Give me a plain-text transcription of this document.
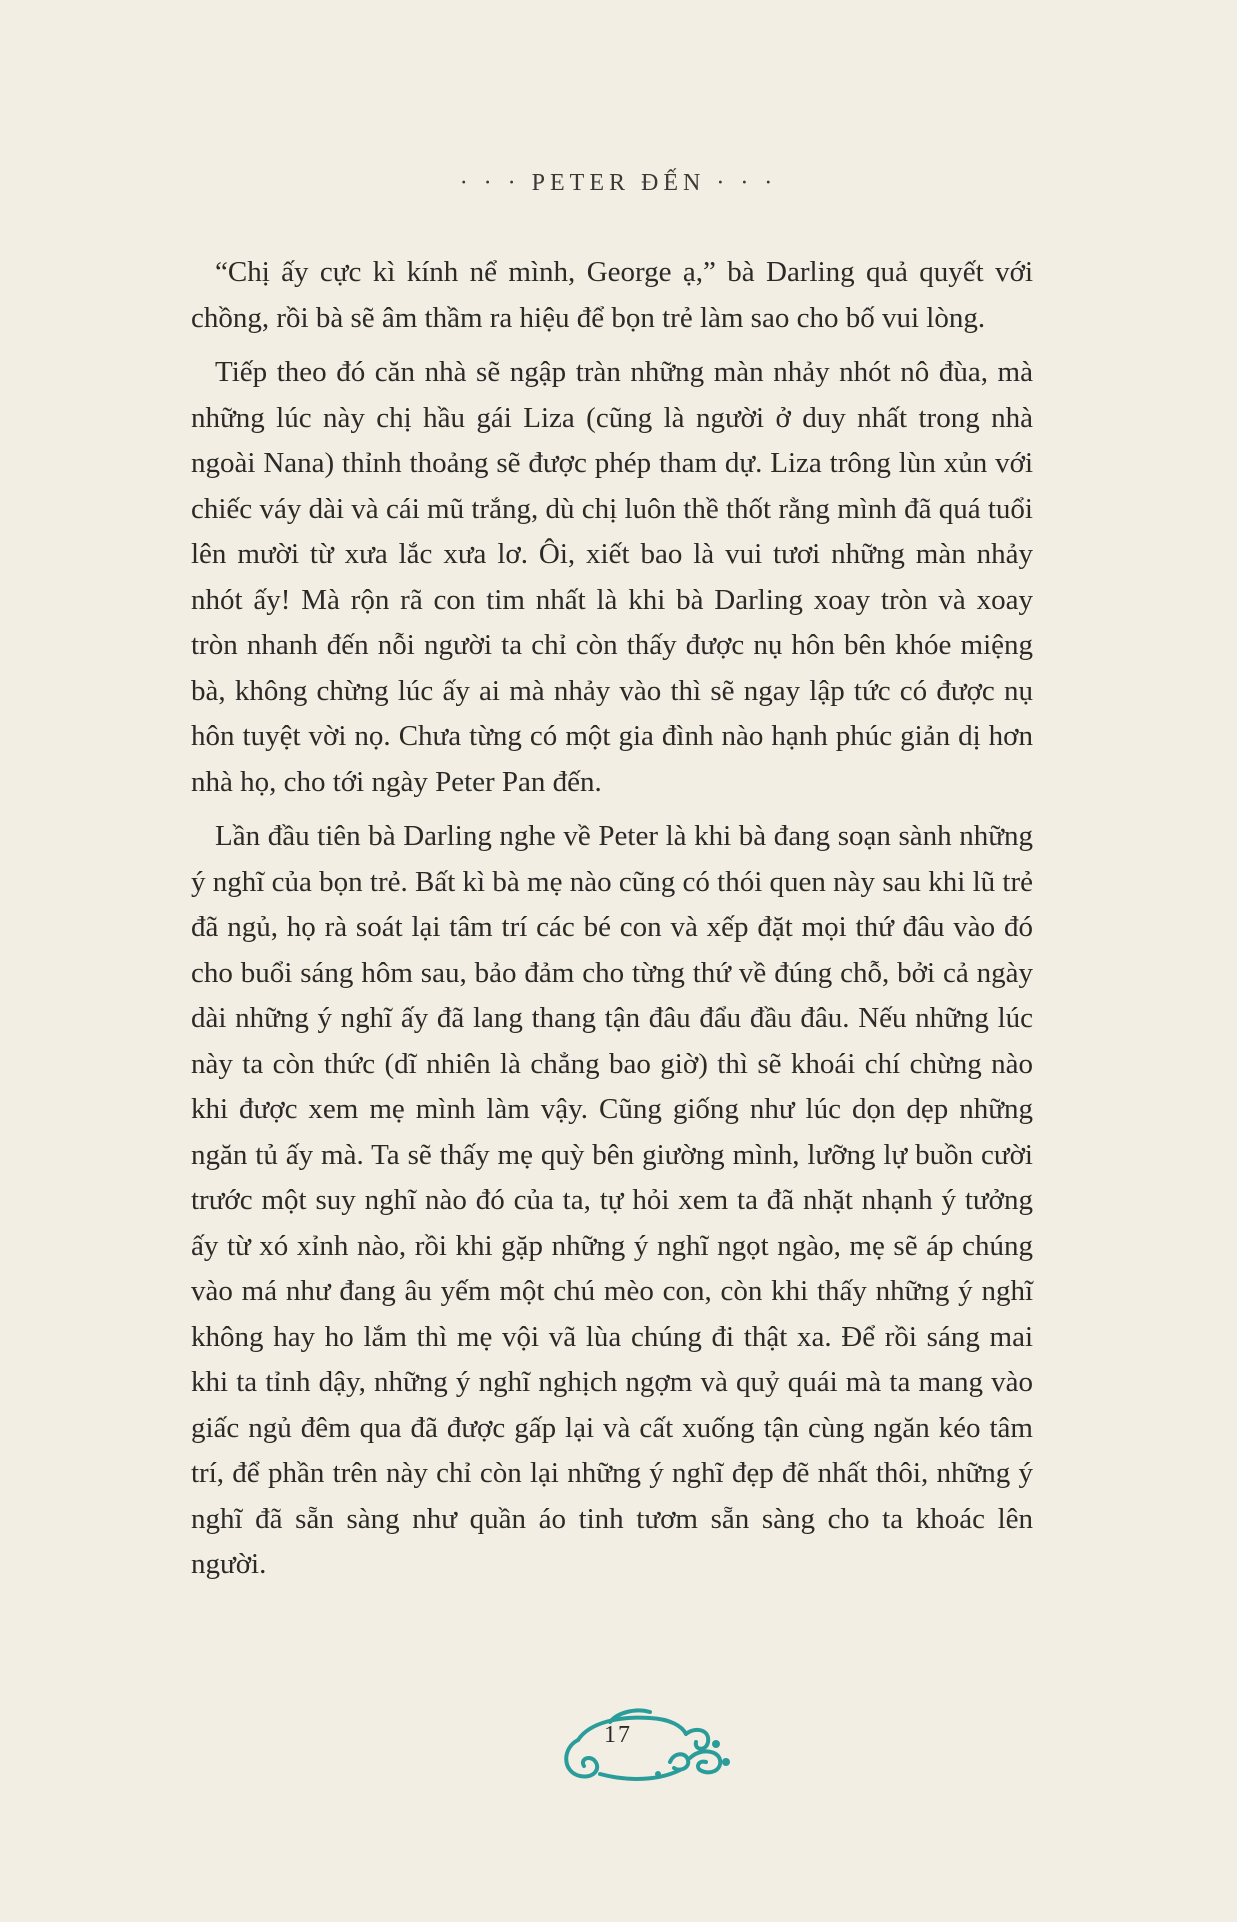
· · · PETER ĐẾN · · ·

“Chị ấy cực kì kính nể mình, George ạ,” bà Darling quả quyết với chồng, rồi bà sẽ âm thầm ra hiệu để bọn trẻ làm sao cho bố vui lòng.

Tiếp theo đó căn nhà sẽ ngập tràn những màn nhảy nhót nô đùa, mà những lúc này chị hầu gái Liza (cũng là người ở duy nhất trong nhà ngoài Nana) thỉnh thoảng sẽ được phép tham dự. Liza trông lùn xủn với chiếc váy dài và cái mũ trắng, dù chị luôn thề thốt rằng mình đã quá tuổi lên mười từ xưa lắc xưa lơ. Ôi, xiết bao là vui tươi những màn nhảy nhót ấy! Mà rộn rã con tim nhất là khi bà Darling xoay tròn và xoay tròn nhanh đến nỗi người ta chỉ còn thấy được nụ hôn bên khóe miệng bà, không chừng lúc ấy ai mà nhảy vào thì sẽ ngay lập tức có được nụ hôn tuyệt vời nọ. Chưa từng có một gia đình nào hạnh phúc giản dị hơn nhà họ, cho tới ngày Peter Pan đến.

Lần đầu tiên bà Darling nghe về Peter là khi bà đang soạn sành những ý nghĩ của bọn trẻ. Bất kì bà mẹ nào cũng có thói quen này sau khi lũ trẻ đã ngủ, họ rà soát lại tâm trí các bé con và xếp đặt mọi thứ đâu vào đó cho buổi sáng hôm sau, bảo đảm cho từng thứ về đúng chỗ, bởi cả ngày dài những ý nghĩ ấy đã lang thang tận đâu đẩu đầu đâu. Nếu những lúc này ta còn thức (dĩ nhiên là chẳng bao giờ) thì sẽ khoái chí chừng nào khi được xem mẹ mình làm vậy. Cũng giống như lúc dọn dẹp những ngăn tủ ấy mà. Ta sẽ thấy mẹ quỳ bên giường mình, lưỡng lự buồn cười trước một suy nghĩ nào đó của ta, tự hỏi xem ta đã nhặt nhạnh ý tưởng ấy từ xó xỉnh nào, rồi khi gặp những ý nghĩ ngọt ngào, mẹ sẽ áp chúng vào má như đang âu yếm một chú mèo con, còn khi thấy những ý nghĩ không hay ho lắm thì mẹ vội vã lùa chúng đi thật xa. Để rồi sáng mai khi ta tỉnh dậy, những ý nghĩ nghịch ngợm và quỷ quái mà ta mang vào giấc ngủ đêm qua đã được gấp lại và cất xuống tận cùng ngăn kéo tâm trí, để phần trên này chỉ còn lại những ý nghĩ đẹp đẽ nhất thôi, những ý nghĩ đã sẵn sàng như quần áo tinh tươm sẵn sàng cho ta khoác lên người.

17
